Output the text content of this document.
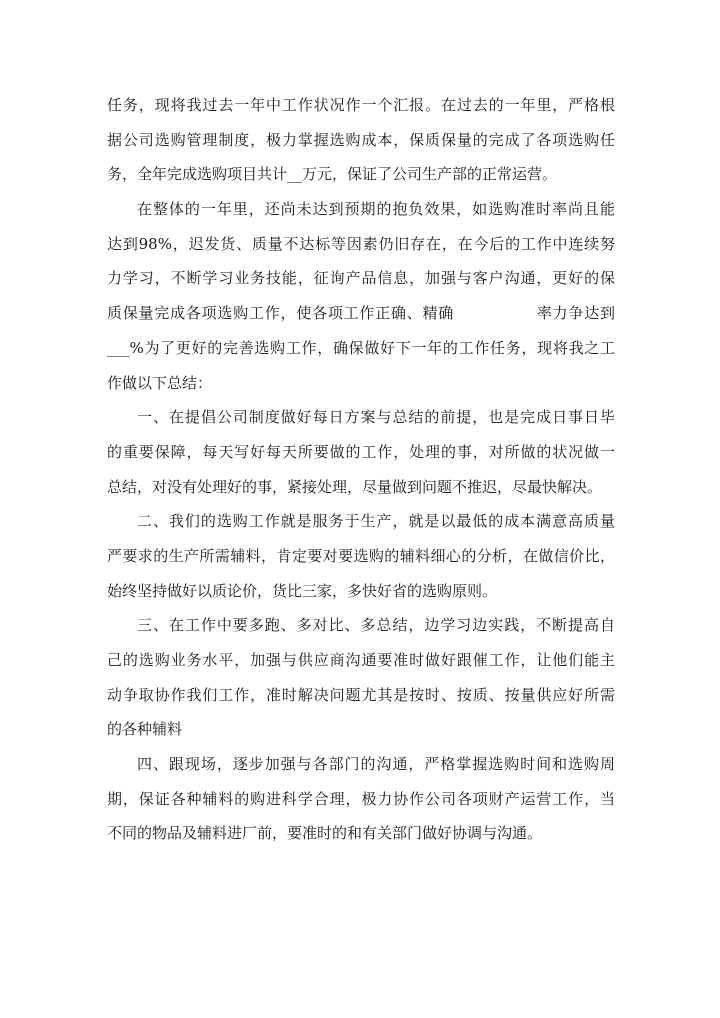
任务，现将我过去一年中工作状况作一个汇报。在过去的一年里，严格根
据公司选购管理制度，极力掌握选购成本，保质保量的完成了各项选购任
务，全年完成选购项目共计__万元，保证了公司生产部的正常运营。
在整体的一年里，还尚未达到预期的抱负效果，如选购准时率尚且能
达到98%，迟发货、质量不达标等因素仍旧存在，在今后的工作中连续努
力学习，不断学习业务技能，征询产品信息，加强与客户沟通，更好的保
质保量完成各项选购工作，使各项工作正确、精确	率力争达到
___%为了更好的完善选购工作，确保做好下一年的工作任务，现将我之工
作做以下总结：
一、在提倡公司制度做好每日方案与总结的前提，也是完成日事日毕
的重要保障，每天写好每天所要做的工作，处理的事，对所做的状况做一
总结，对没有处理好的事，紧接处理，尽量做到问题不推迟，尽最快解决。
二、我们的选购工作就是服务于生产，就是以最低的成本满意高质量
严要求的生产所需辅料，肯定要对要选购的辅料细心的分析，在做信价比，
始终坚持做好以质论价，货比三家，多快好省的选购原则。
三、在工作中要多跑、多对比、多总结，边学习边实践，不断提高自
己的选购业务水平，加强与供应商沟通要准时做好跟催工作，让他们能主
动争取协作我们工作，准时解决问题尤其是按时、按质、按量供应好所需
的各种辅料
四、跟现场，逐步加强与各部门的沟通，严格掌握选购时间和选购周
期，保证各种辅料的购进科学合理，极力协作公司各项财产运营工作，当
不同的物品及辅料进厂前，要准时的和有关部门做好协调与沟通。
